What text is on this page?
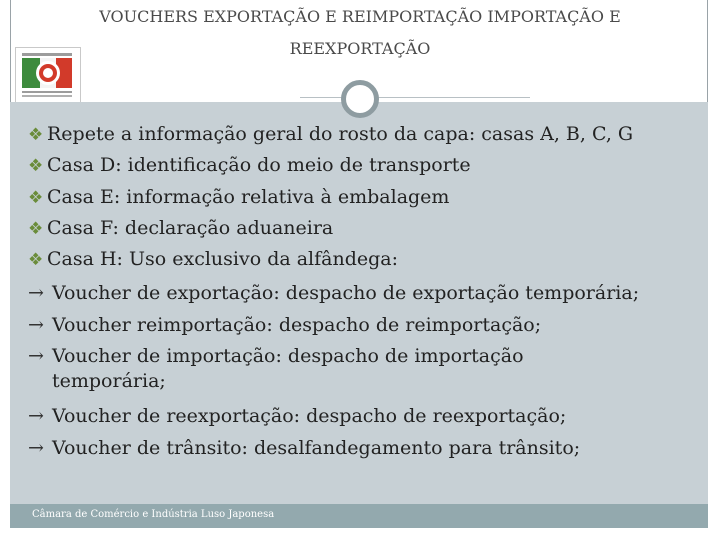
VOUCHERS EXPORTAÇÃO E REIMPORTAÇÃO IMPORTAÇÃO E
REEXPORTAÇÃO
❖ Repete a informação geral do rosto da capa: casas A, B, C, G
❖ Casa D: identificação do meio de transporte
❖ Casa E: informação relativa à embalagem
❖ Casa F: declaração aduaneira
❖ Casa H: Uso exclusivo da alfândega:
→ Voucher de exportação: despacho de exportação temporária;
→ Voucher reimportação: despacho de reimportação;
→ Voucher de importação: despacho de importação
temporária;
→ Voucher de reexportação: despacho de reexportação;
→ Voucher de trânsito: desalfandegamento para trânsito;
Câmara de Comércio e Indústria Luso Japonesa
